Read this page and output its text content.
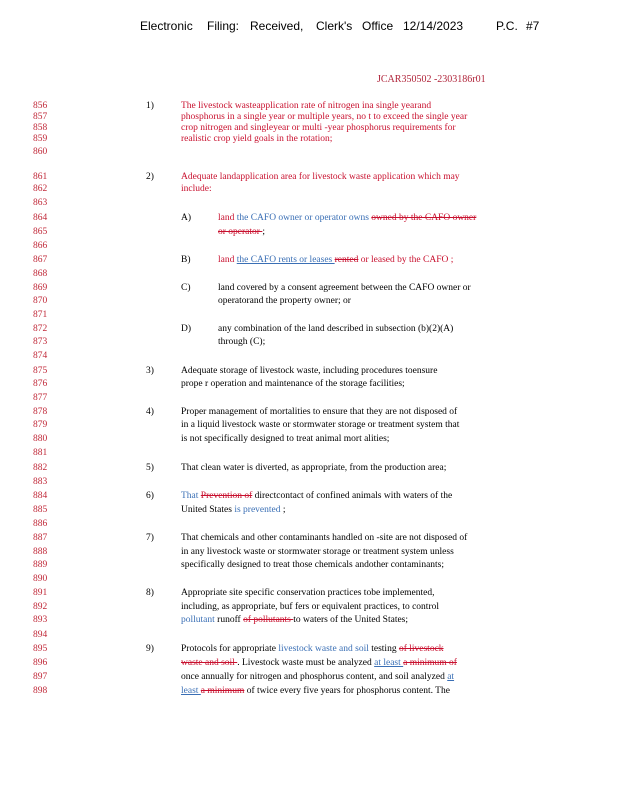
Electronic Filing: Received, Clerk's Office 12/14/2023	P.C. #7
JCAR350502 -2303186r01
856
857
858
859
860
861
862
863
864
865
866
867
868
869
870
871
872
873
874
875
876
877
878
879
880
881
882
883
884
885
886
887
888
889
890
891
892
893
894
895
896
897
898
1)	The livestock wasteapplication rate of nitrogen ina single yearand
phosphorus in a single year or multiple years, no t to exceed the single year
crop nitrogen and singleyear or multi -year phosphorus requirements for
realistic crop yield goals in the rotation;
2)	Adequate landapplication area for livestock waste application which may
include:
A)	land the CAFO owner or operator owns owned by the CAFO owner
or operator ;
B)	land the CAFO rents or leases rented or leased by the CAFO ;
C)	land covered by a consent agreement between the CAFO owner or
operatorand the property owner; or
D)	any combination of the land described in subsection (b)(2)(A)
through (C);
3)	Adequate storage of livestock waste, including procedures toensure
prope r operation and maintenance of the storage facilities;
4)	Proper management of mortalities to ensure that they are not disposed of
in a liquid livestock waste or stormwater storage or treatment system that
is not specifically designed to treat animal mort alities;
5)	That clean water is diverted, as appropriate, from the production area;
6)	That Prevention of directcontact of confined animals with waters of the
United States is prevented ;
7)	That chemicals and other contaminants handled on -site are not disposed of
in any livestock waste or stormwater storage or treatment system unless
specifically designed to treat those chemicals andother contaminants;
8)	Appropriate site specific conservation practices tobe implemented,
including, as appropriate, buf fers or equivalent practices, to control
pollutant runoff of pollutants to waters of the United States;
9)	Protocols for appropriate livestock waste and soil testing of livestock
waste and soil . Livestock waste must be analyzed at least a minimum of
once annually for nitrogen and phosphorus content, and soil analyzed at
least a minimum of twice every five years for phosphorus content. The
